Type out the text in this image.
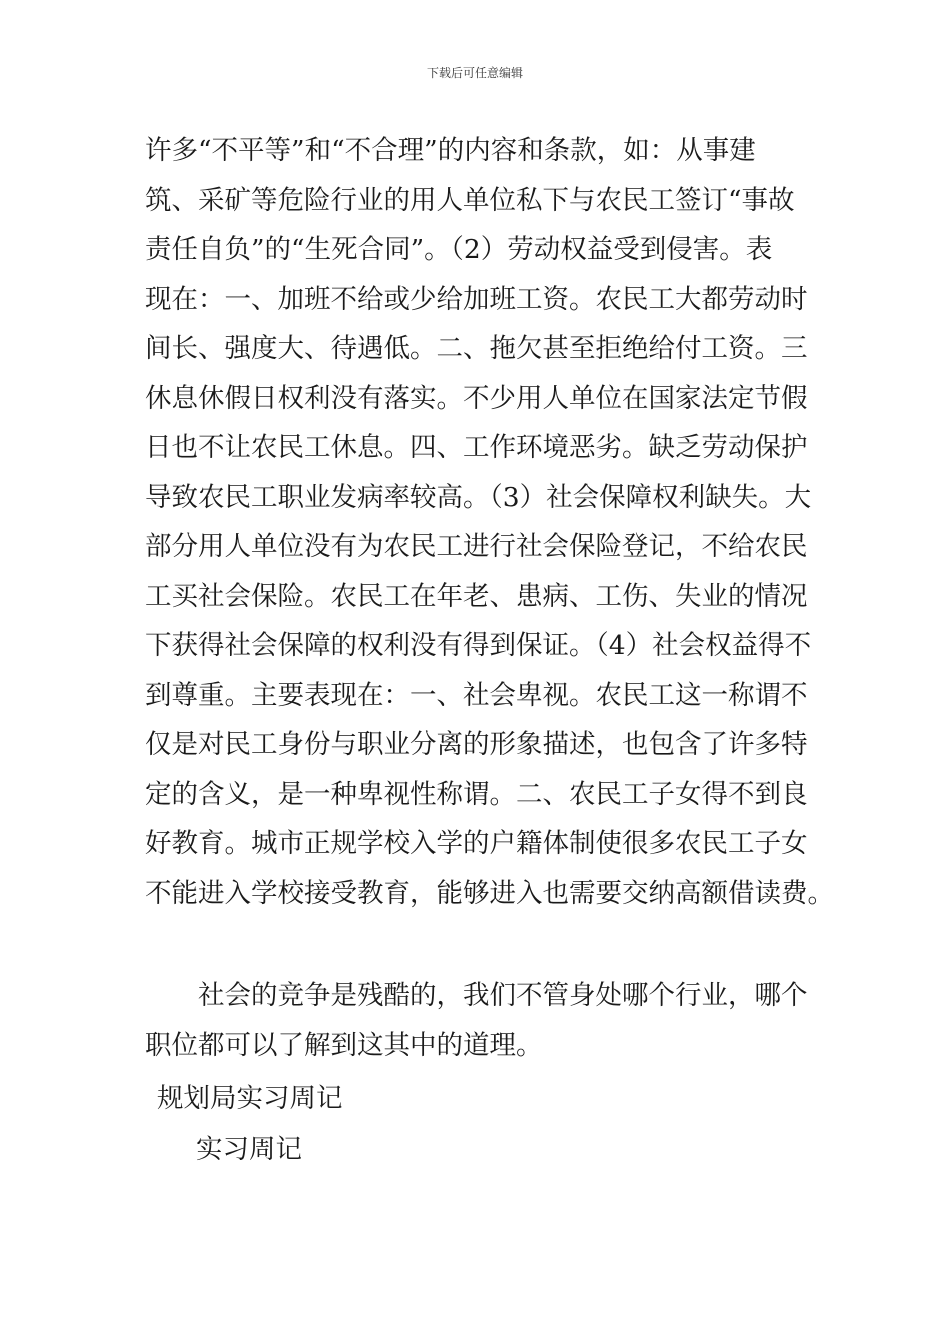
下载后可任意编辑
许多“不平等”和“不合理”的内容和条款，如：从事建
筑、采矿等危险行业的用人单位私下与农民工签订“事故
责任自负”的“生死合同”。（2）劳动权益受到侵害。表
现在：一、加班不给或少给加班工资。农民工大都劳动时
间长、强度大、待遇低。二、拖欠甚至拒绝给付工资。三
休息休假日权利没有落实。不少用人单位在国家法定节假
日也不让农民工休息。四、工作环境恶劣。缺乏劳动保护
导致农民工职业发病率较高。（3）社会保障权利缺失。大
部分用人单位没有为农民工进行社会保险登记，不给农民
工买社会保险。农民工在年老、患病、工伤、失业的情况
下获得社会保障的权利没有得到保证。（4）社会权益得不
到尊重。主要表现在：一、社会卑视。农民工这一称谓不
仅是对民工身份与职业分离的形象描述，也包含了许多特
定的含义，是一种卑视性称谓。二、农民工子女得不到良
好教育。城市正规学校入学的户籍体制使很多农民工子女
不能进入学校接受教育，能够进入也需要交纳高额借读费。
　　社会的竞争是残酷的，我们不管身处哪个行业，哪个
职位都可以了解到这其中的道理。
规划局实习周记
实习周记
